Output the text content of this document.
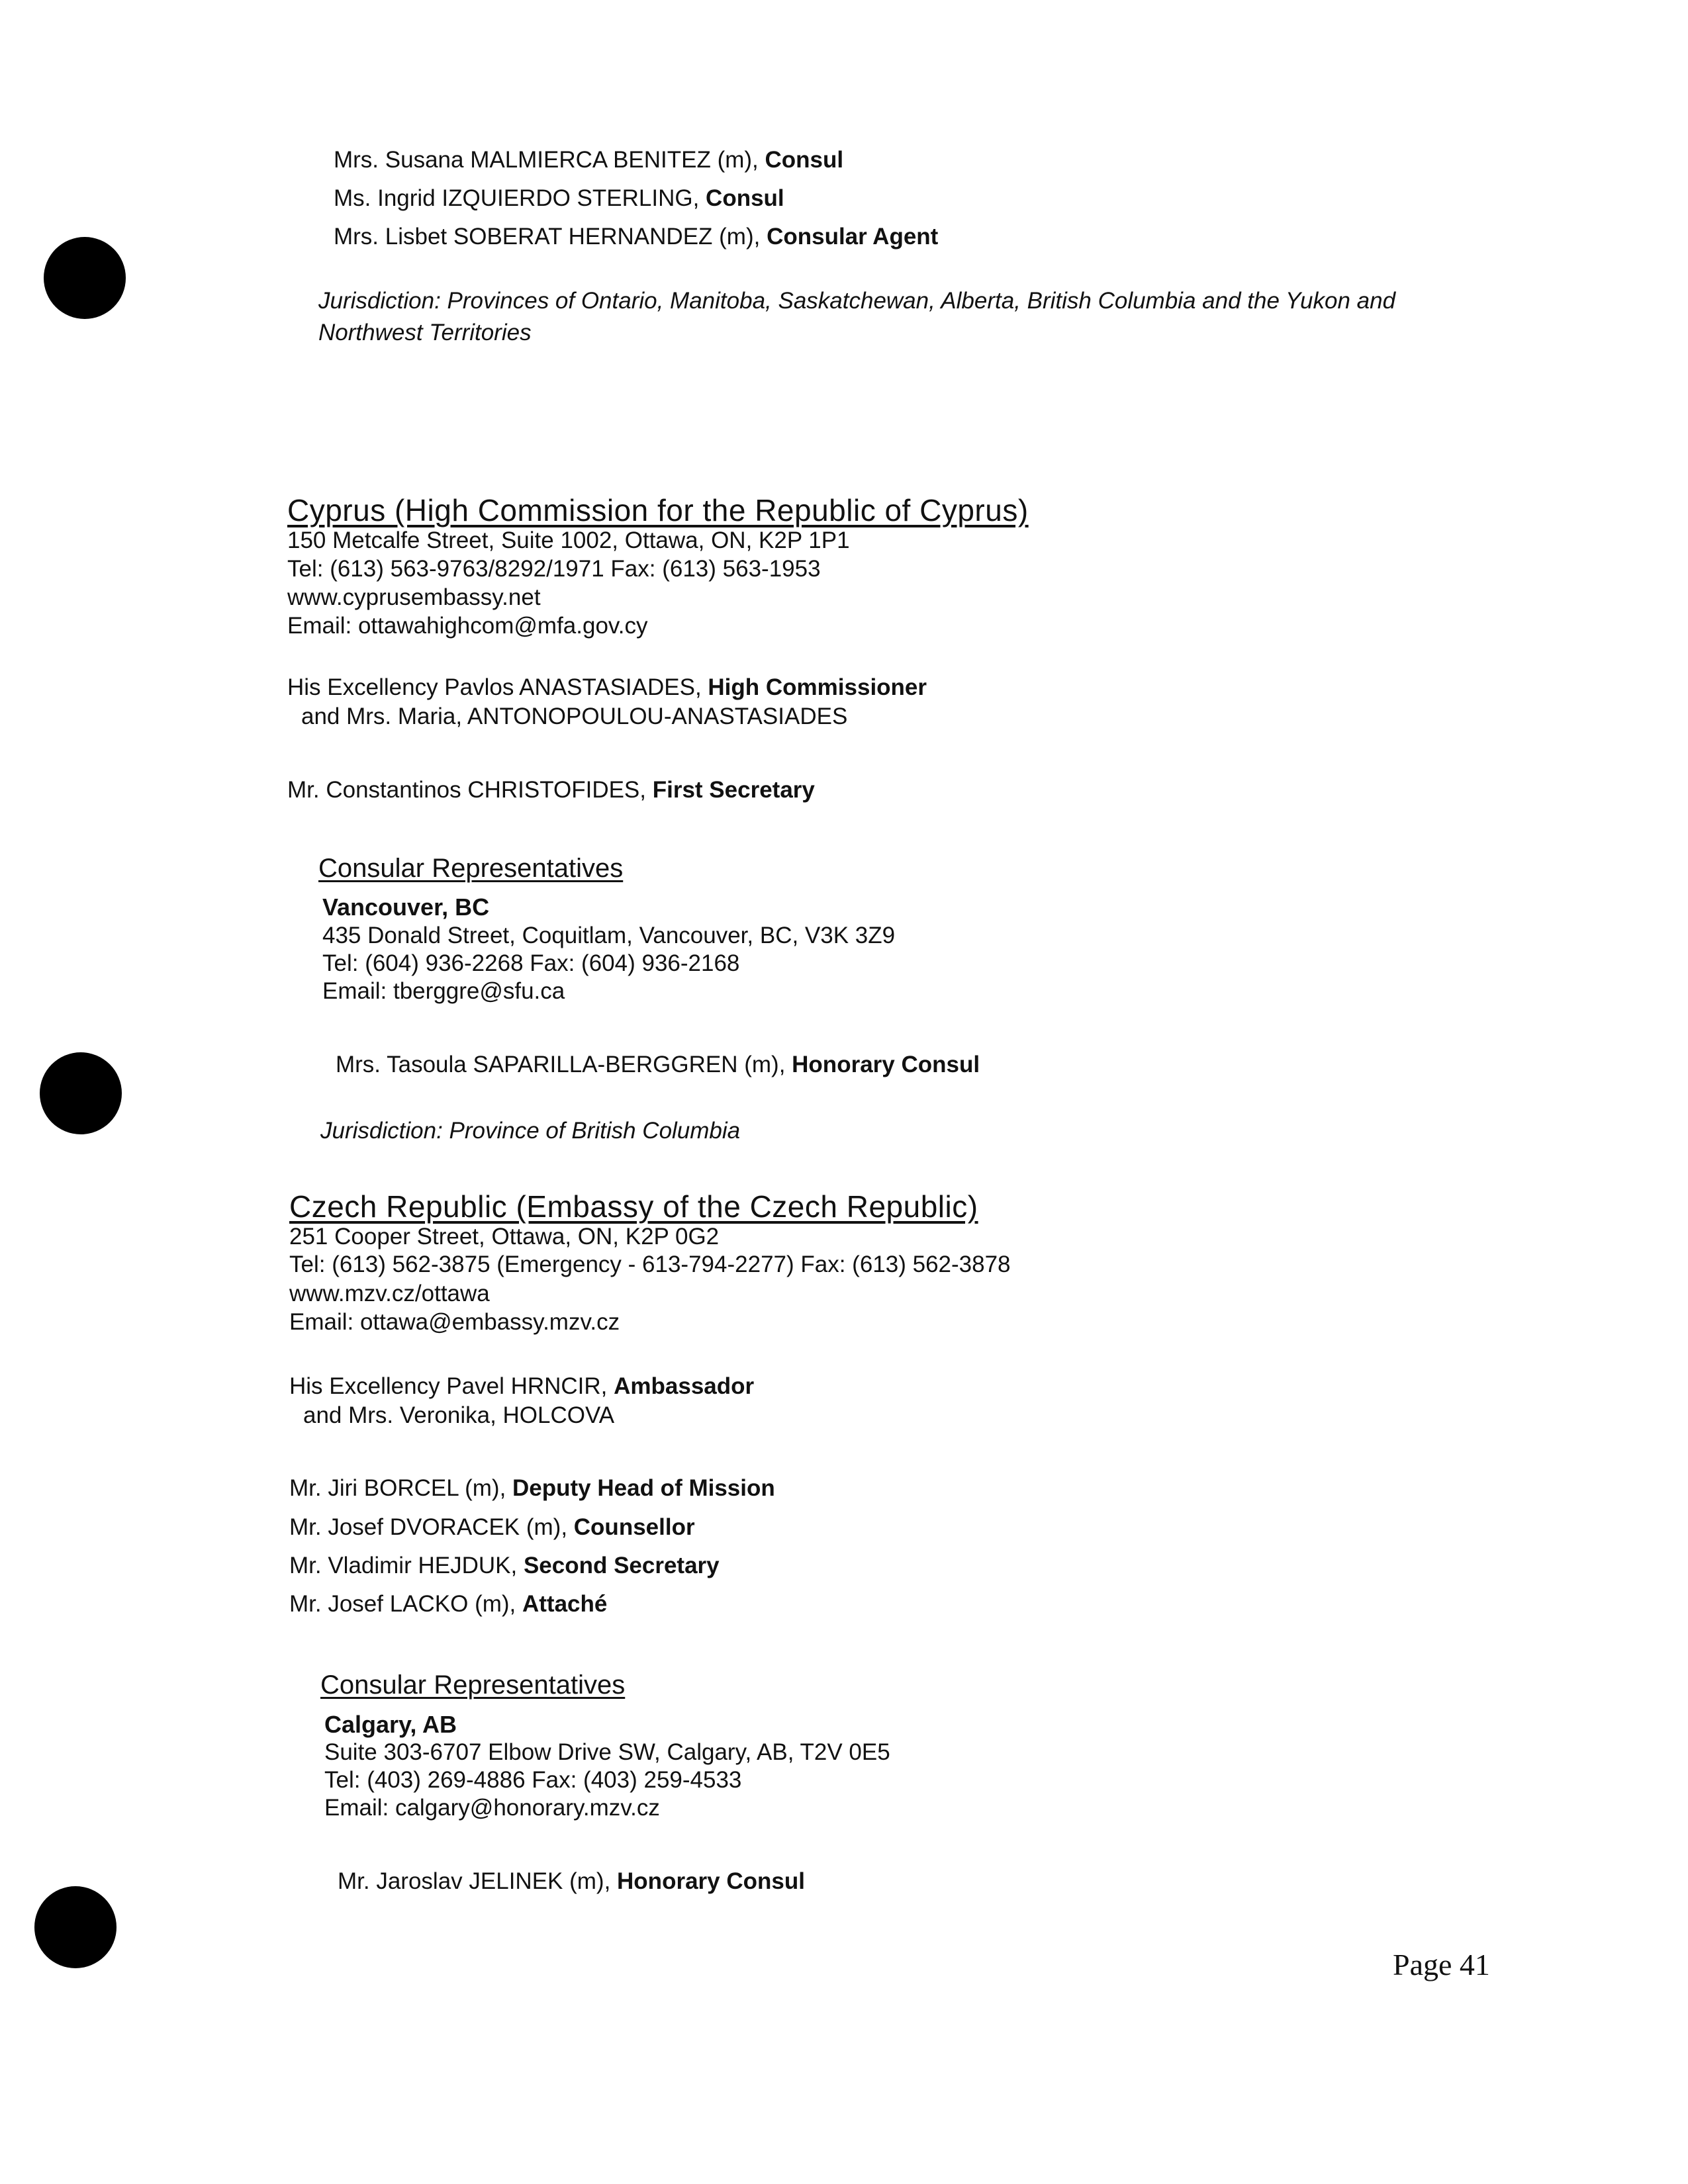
Mrs. Susana MALMIERCA BENITEZ (m), Consul
Ms. Ingrid IZQUIERDO STERLING, Consul
Mrs. Lisbet SOBERAT HERNANDEZ (m), Consular Agent
Jurisdiction: Provinces of Ontario, Manitoba, Saskatchewan, Alberta, British Columbia and the Yukon and
Northwest Territories
Cyprus (High Commission for the Republic of Cyprus)
150 Metcalfe Street, Suite 1002, Ottawa, ON, K2P 1P1
Tel: (613) 563-9763/8292/1971 Fax: (613) 563-1953
www.cyprusembassy.net
Email: ottawahighcom@mfa.gov.cy
His Excellency Pavlos ANASTASIADES, High Commissioner
and Mrs. Maria, ANTONOPOULOU-ANASTASIADES
Mr. Constantinos CHRISTOFIDES, First Secretary
Consular Representatives
Vancouver, BC
435 Donald Street, Coquitlam, Vancouver, BC, V3K 3Z9
Tel: (604) 936-2268 Fax: (604) 936-2168
Email: tberggre@sfu.ca
Mrs. Tasoula SAPARILLA-BERGGREN (m), Honorary Consul
Jurisdiction: Province of British Columbia
Czech Republic (Embassy of the Czech Republic)
251 Cooper Street, Ottawa, ON, K2P 0G2
Tel: (613) 562-3875 (Emergency - 613-794-2277) Fax: (613) 562-3878
www.mzv.cz/ottawa
Email: ottawa@embassy.mzv.cz
His Excellency Pavel HRNCIR, Ambassador
and Mrs. Veronika, HOLCOVA
Mr. Jiri BORCEL (m), Deputy Head of Mission
Mr. Josef DVORACEK (m), Counsellor
Mr. Vladimir HEJDUK, Second Secretary
Mr. Josef LACKO (m), Attaché
Consular Representatives
Calgary, AB
Suite 303-6707 Elbow Drive SW, Calgary, AB, T2V 0E5
Tel: (403) 269-4886 Fax: (403) 259-4533
Email: calgary@honorary.mzv.cz
Mr. Jaroslav JELINEK (m), Honorary Consul
Page 41
